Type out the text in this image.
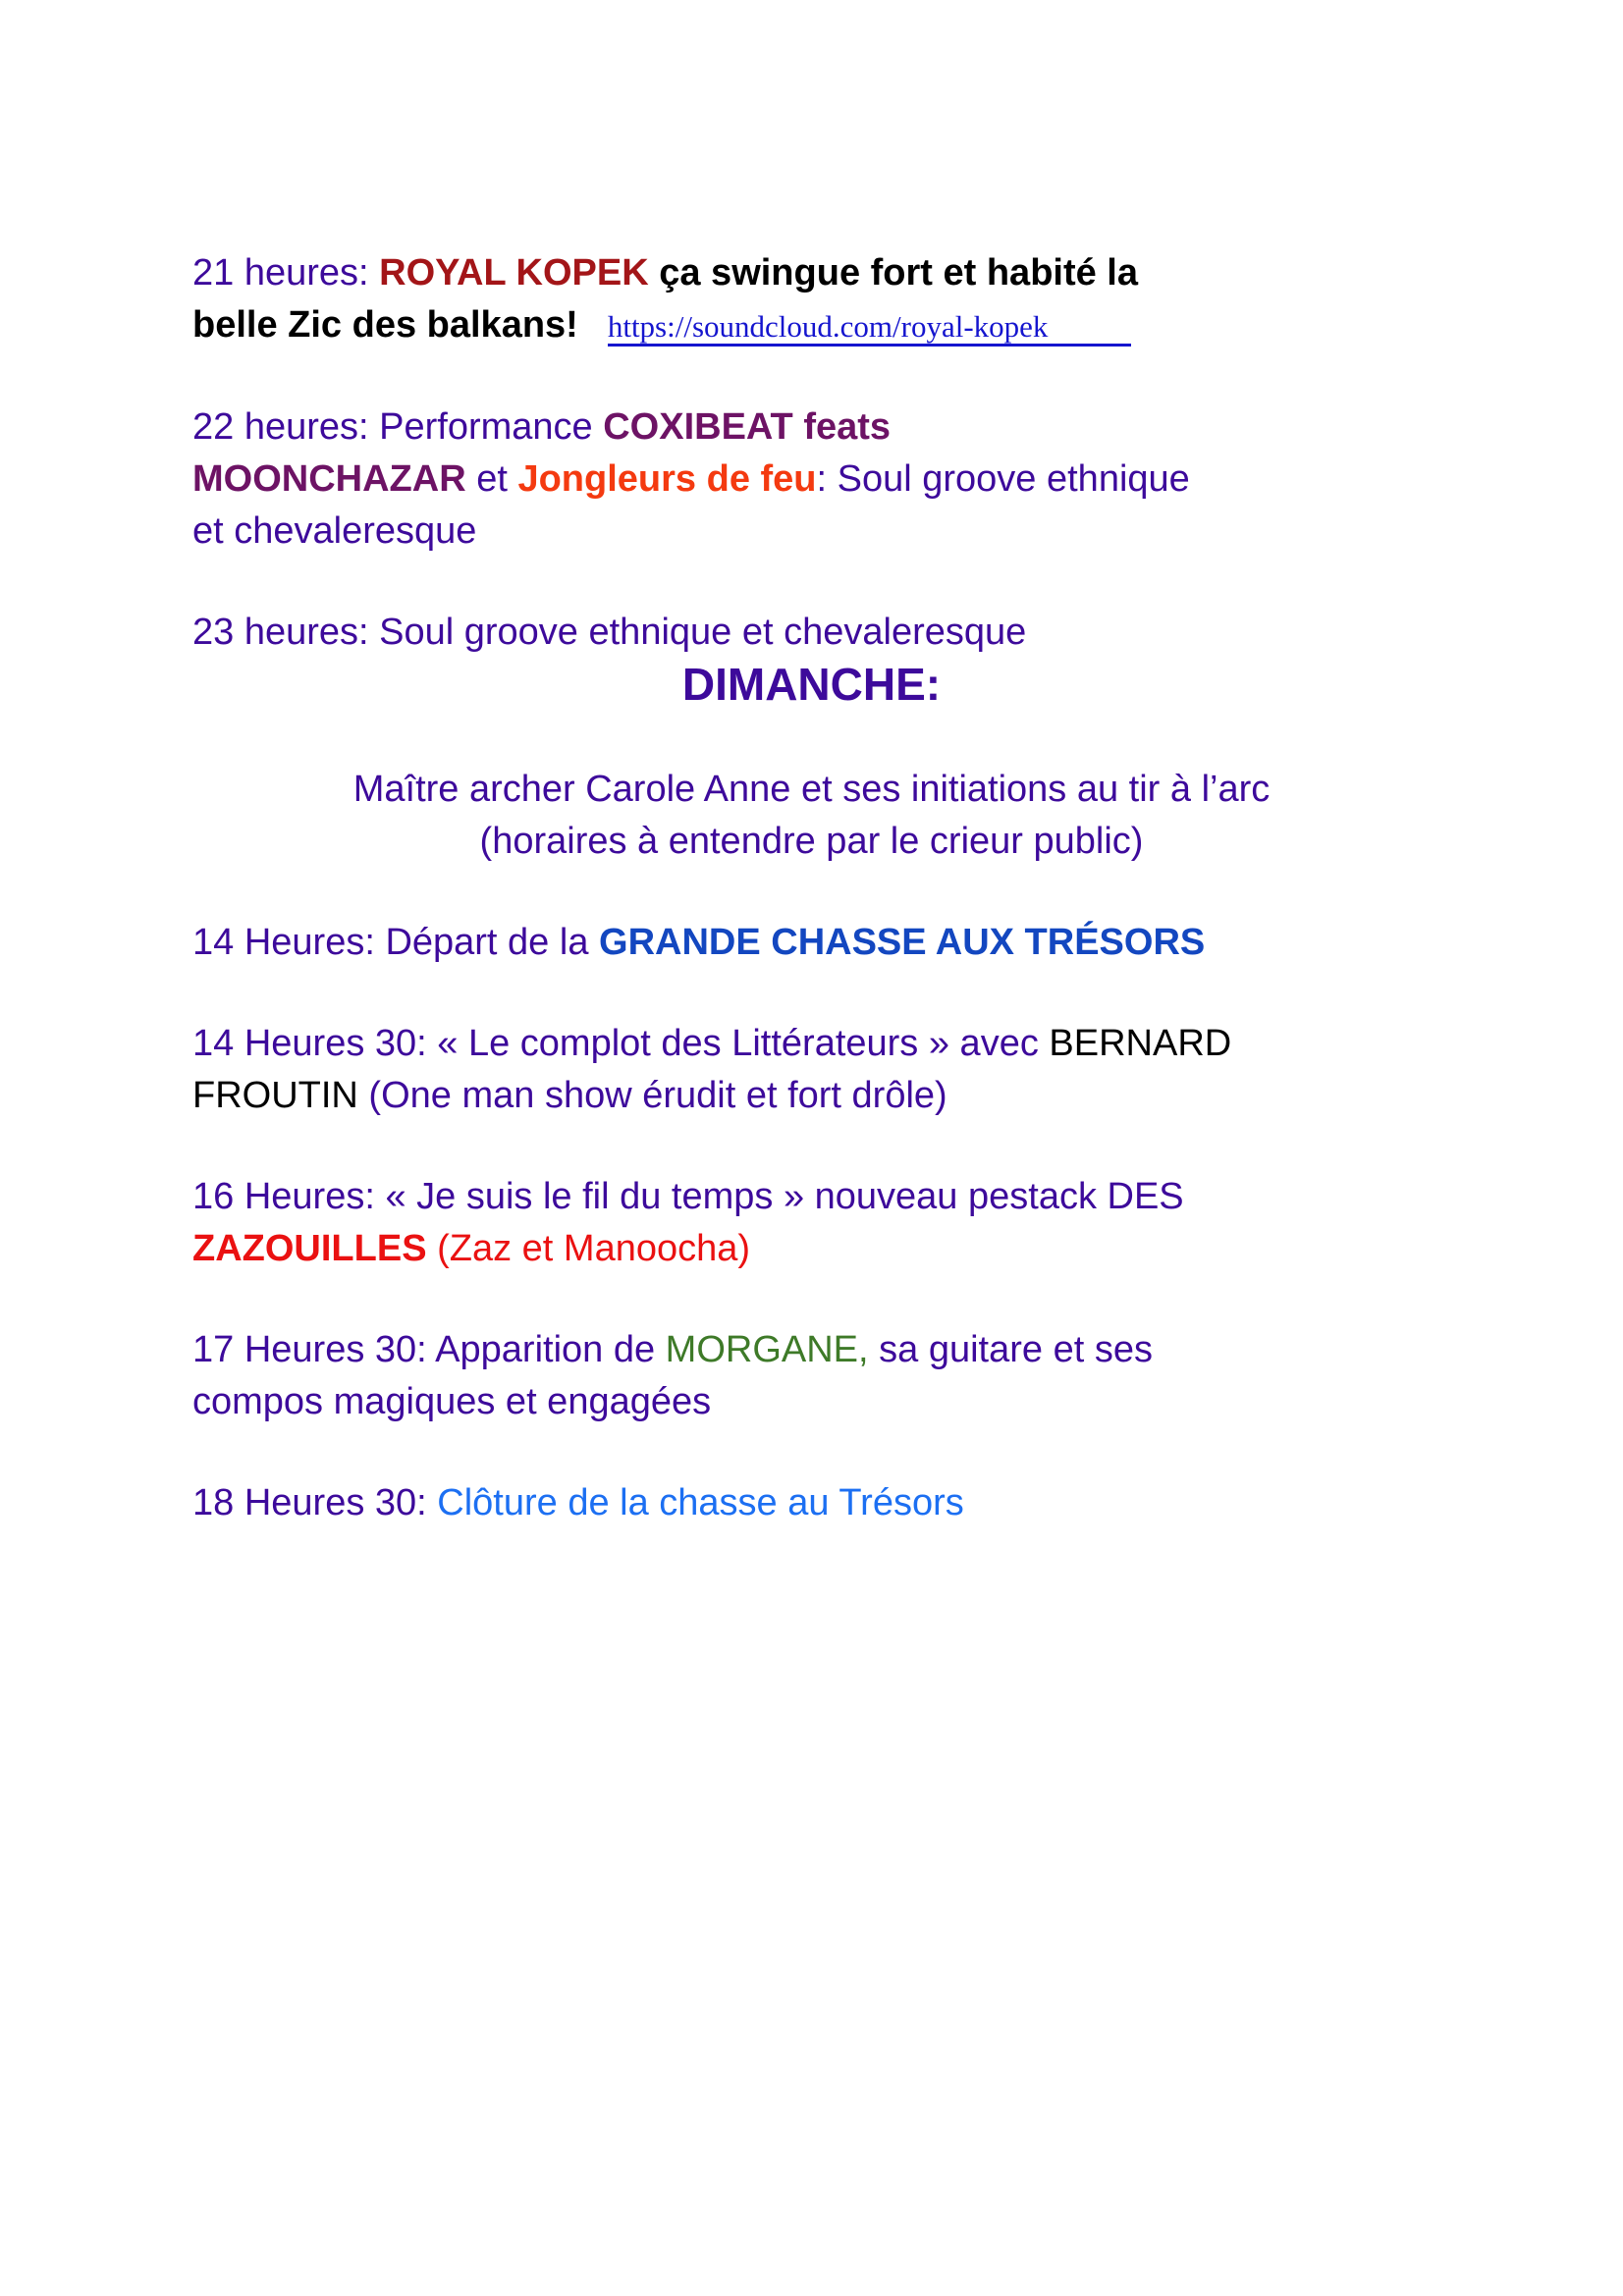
21 heures: ROYAL KOPEK ça swingue fort et habité la
belle Zic des balkans! https://soundcloud.com/royal-kopek
22 heures: Performance COXIBEAT feats
MOONCHAZAR et Jongleurs de feu: Soul groove ethnique
et chevaleresque
23 heures: Soul groove ethnique et chevaleresque
DIMANCHE:
Maître archer Carole Anne et ses initiations au tir à l’arc
(horaires à entendre par le crieur public)
14 Heures: Départ de la GRANDE CHASSE AUX TRÉSORS
14 Heures 30: « Le complot des Littérateurs » avec BERNARD
FROUTIN (One man show érudit et fort drôle)
16 Heures: « Je suis le fil du temps » nouveau pestack DES
ZAZOUILLES (Zaz et Manoocha)
17 Heures 30: Apparition de MORGANE, sa guitare et ses
compos magiques et engagées
18 Heures 30: Clôture de la chasse au Trésors
